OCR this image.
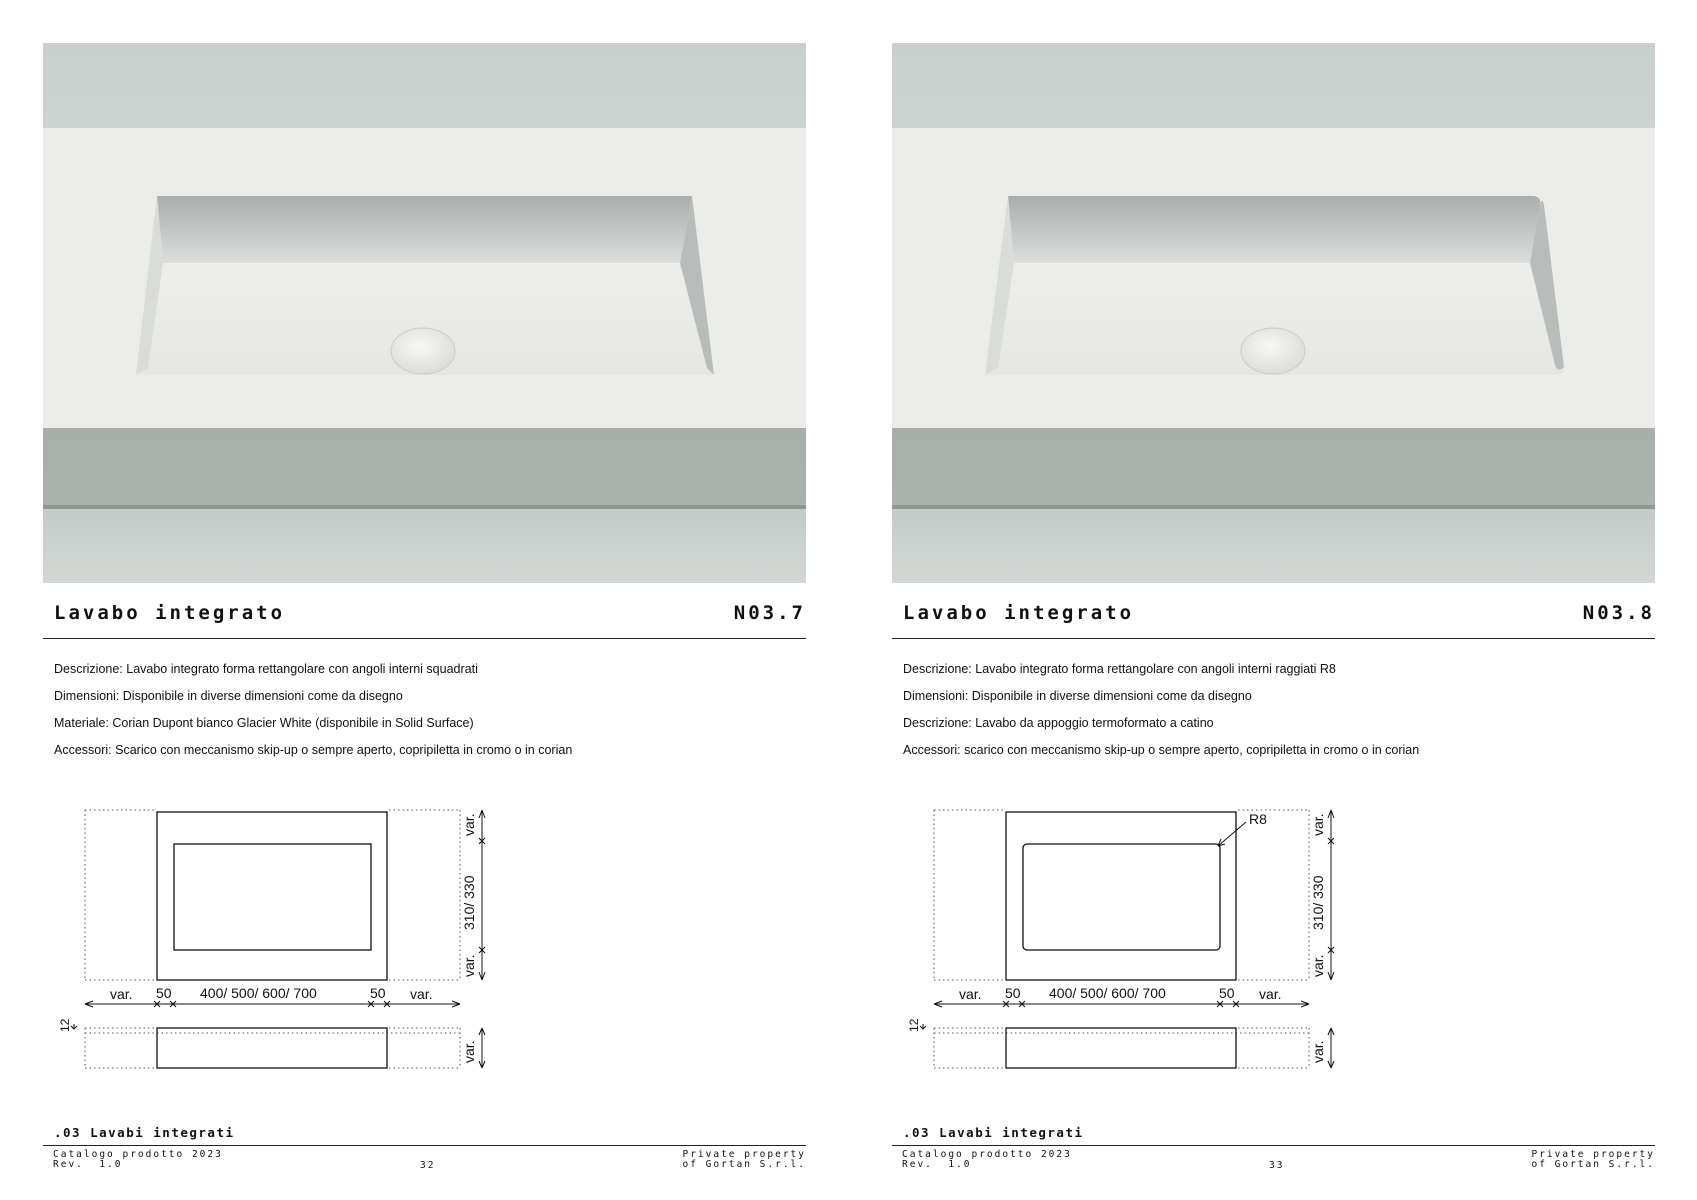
Lavabo integrato	N03.7
Descrizione: Lavabo integrato forma rettangolare con angoli interni squadrati
Dimensioni: Disponibile in diverse dimensioni come da disegno
Materiale: Corian Dupont bianco Glacier White (disponibile in Solid Surface)
Accessori: Scarico con meccanismo skip-up o sempre aperto, copripiletta in cromo o in corian
var. 50 400/ 500/ 600/ 700	50 var.
var.
310/ 330
var.
var.
12
.03 Lavabi integrati
Catalogo prodotto 2023
Rev.  1.0	32
Private property
of Gortan S.r.l.
Lavabo integrato	N03.8
Descrizione: Lavabo integrato forma rettangolare con angoli interni raggiati R8
Dimensioni: Disponibile in diverse dimensioni come da disegno
Descrizione: Lavabo da appoggio termoformato a catino
Accessori: scarico con meccanismo skip-up o sempre aperto, copripiletta in cromo o in corian
R8
var. 50 400/ 500/ 600/ 700	50 var.
var.
310/ 330
var.
var.
12
.03 Lavabi integrati
Catalogo prodotto 2023
Rev.  1.0	33
Private property
of Gortan S.r.l.
